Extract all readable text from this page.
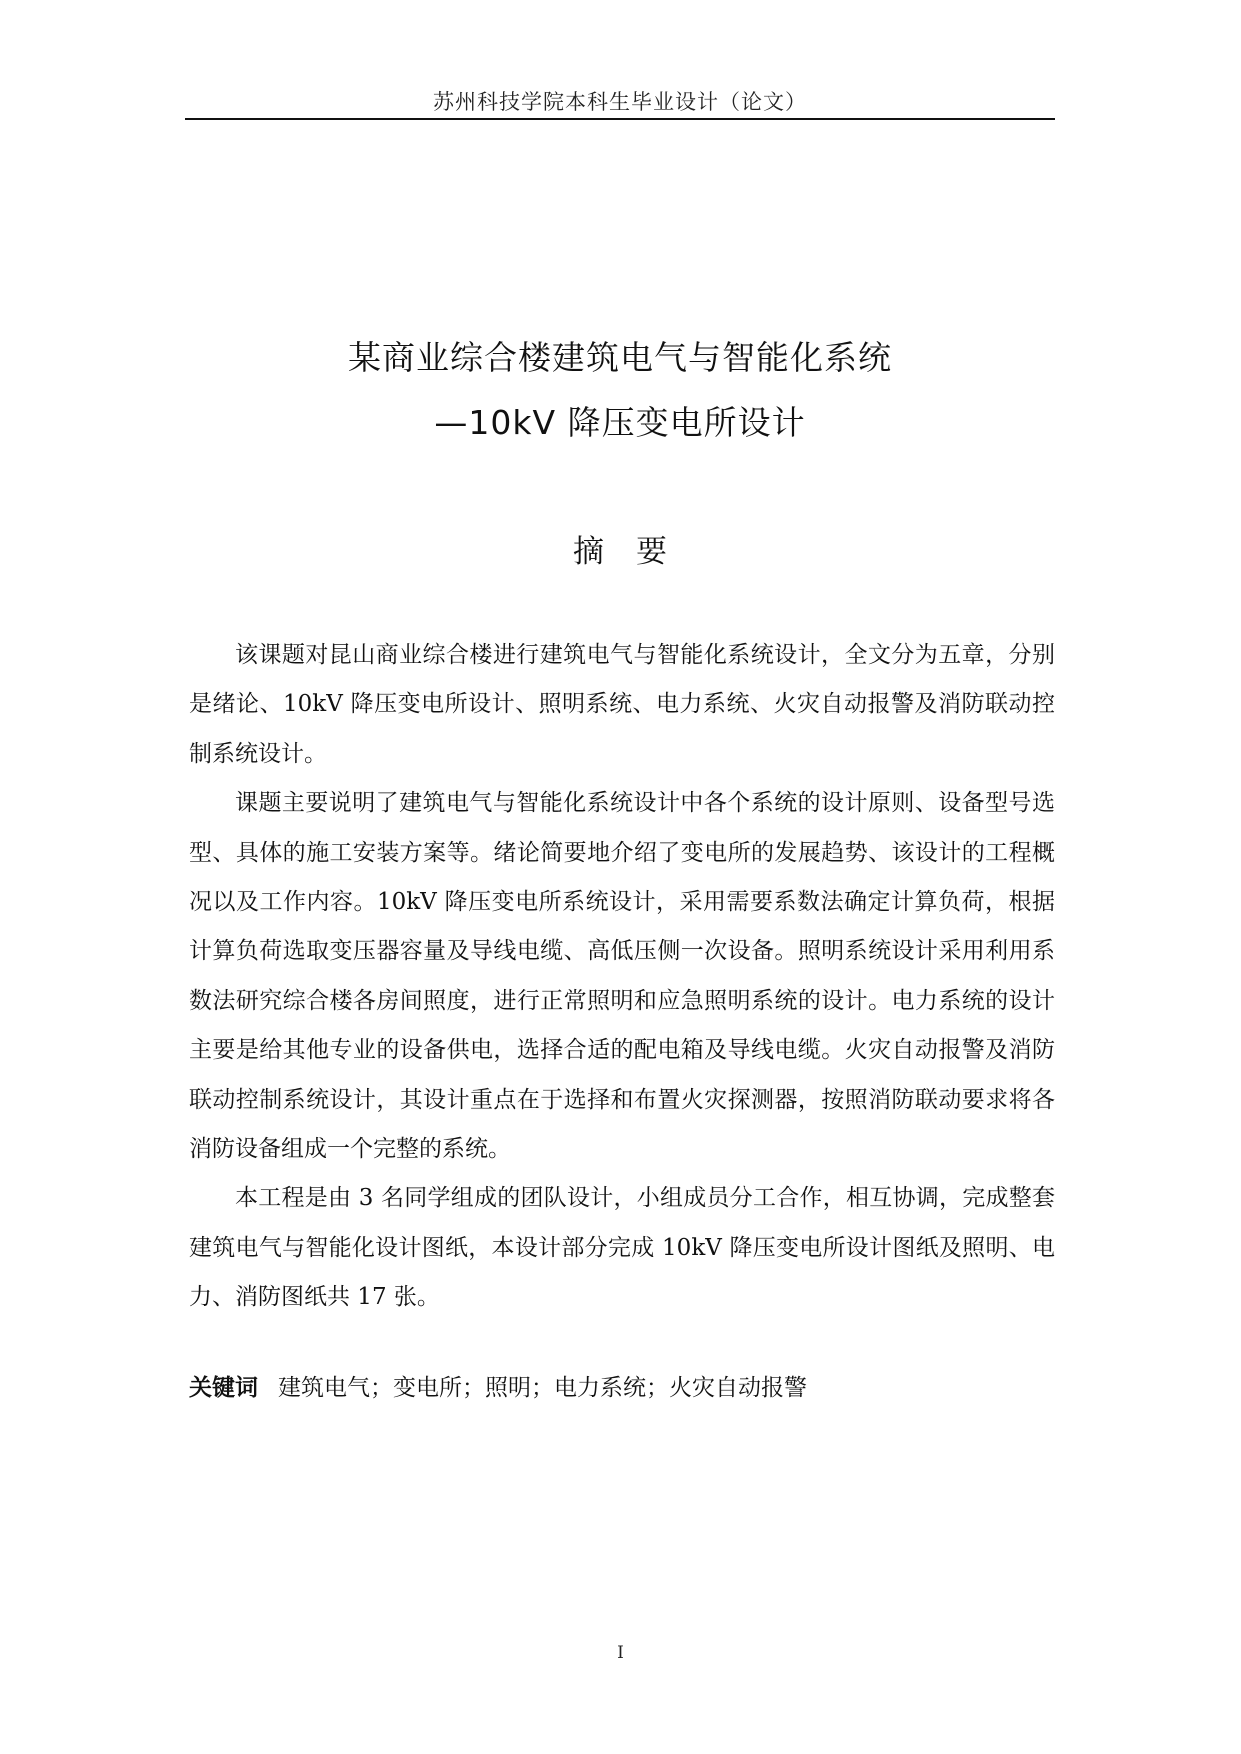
苏州科技学院本科生毕业设计（论文）
某商业综合楼建筑电气与智能化系统
—10kV 降压变电所设计
摘要

该课题对昆山商业综合楼进行建筑电气与智能化系统设计，全文分为五章，分别是绪论、10kV 降压变电所设计、照明系统、电力系统、火灾自动报警及消防联动控制系统设计。

课题主要说明了建筑电气与智能化系统设计中各个系统的设计原则、设备型号选型、具体的施工安装方案等。绪论简要地介绍了变电所的发展趋势、该设计的工程概况以及工作内容。10kV 降压变电所系统设计，采用需要系数法确定计算负荷，根据计算负荷选取变压器容量及导线电缆、高低压侧一次设备。照明系统设计采用利用系数法研究综合楼各房间照度，进行正常照明和应急照明系统的设计。电力系统的设计主要是给其他专业的设备供电，选择合适的配电箱及导线电缆。火灾自动报警及消防联动控制系统设计，其设计重点在于选择和布置火灾探测器，按照消防联动要求将各消防设备组成一个完整的系统。

本工程是由 3 名同学组成的团队设计，小组成员分工合作，相互协调，完成整套建筑电气与智能化设计图纸，本设计部分完成 10kV 降压变电所设计图纸及照明、电力、消防图纸共 17 张。

关键词 建筑电气；变电所；照明；电力系统；火灾自动报警
I
